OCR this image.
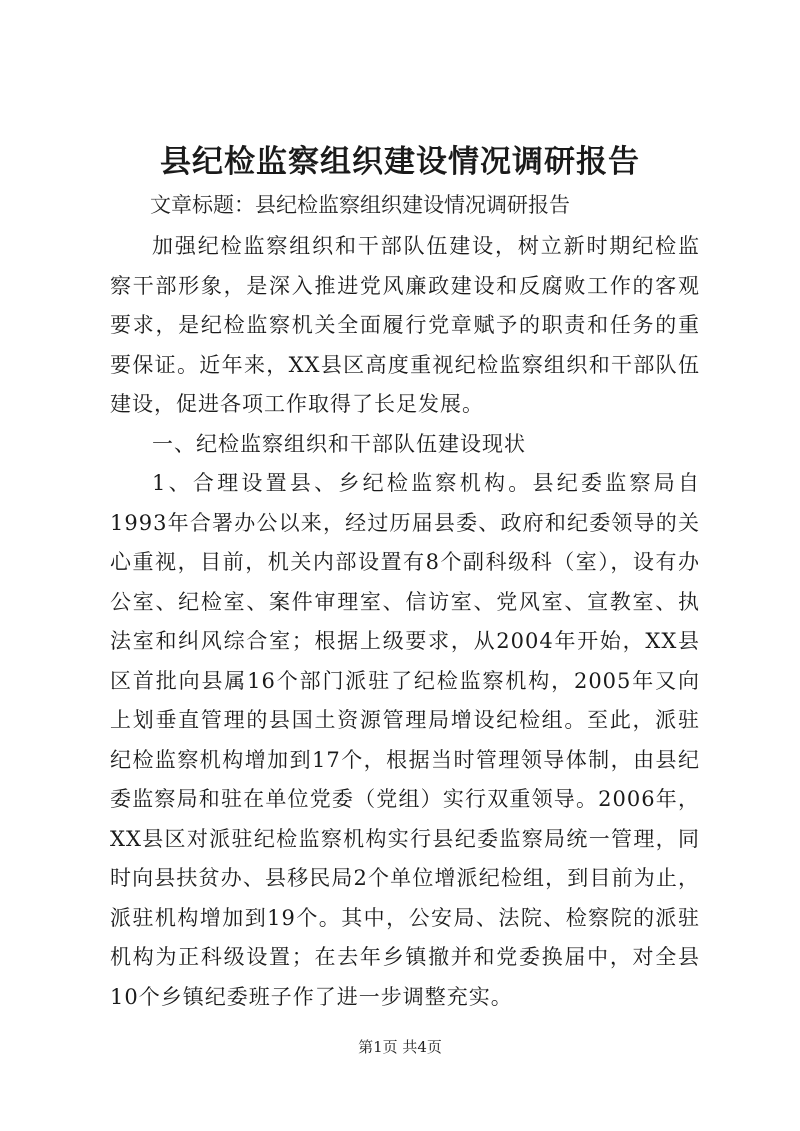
县纪检监察组织建设情况调研报告
文章标题：县纪检监察组织建设情况调研报告

加强纪检监察组织和干部队伍建设，树立新时期纪检监察干部形象，是深入推进党风廉政建设和反腐败工作的客观要求，是纪检监察机关全面履行党章赋予的职责和任务的重要保证。近年来，XX县区高度重视纪检监察组织和干部队伍建设，促进各项工作取得了长足发展。

一、纪检监察组织和干部队伍建设现状

1、合理设置县、乡纪检监察机构。县纪委监察局自1993年合署办公以来，经过历届县委、政府和纪委领导的关心重视，目前，机关内部设置有8个副科级科（室），设有办公室、纪检室、案件审理室、信访室、党风室、宣教室、执法室和纠风综合室；根据上级要求，从2004年开始，XX县区首批向县属16个部门派驻了纪检监察机构，2005年又向上划垂直管理的县国土资源管理局增设纪检组。至此，派驻纪检监察机构增加到17个，根据当时管理领导体制，由县纪委监察局和驻在单位党委（党组）实行双重领导。2006年，XX县区对派驻纪检监察机构实行县纪委监察局统一管理，同时向县扶贫办、县移民局2个单位增派纪检组，到目前为止，派驻机构增加到19个。其中，公安局、法院、检察院的派驻机构为正科级设置；在去年乡镇撤并和党委换届中，对全县10个乡镇纪委班子作了进一步调整充实。

第1页 共4页
